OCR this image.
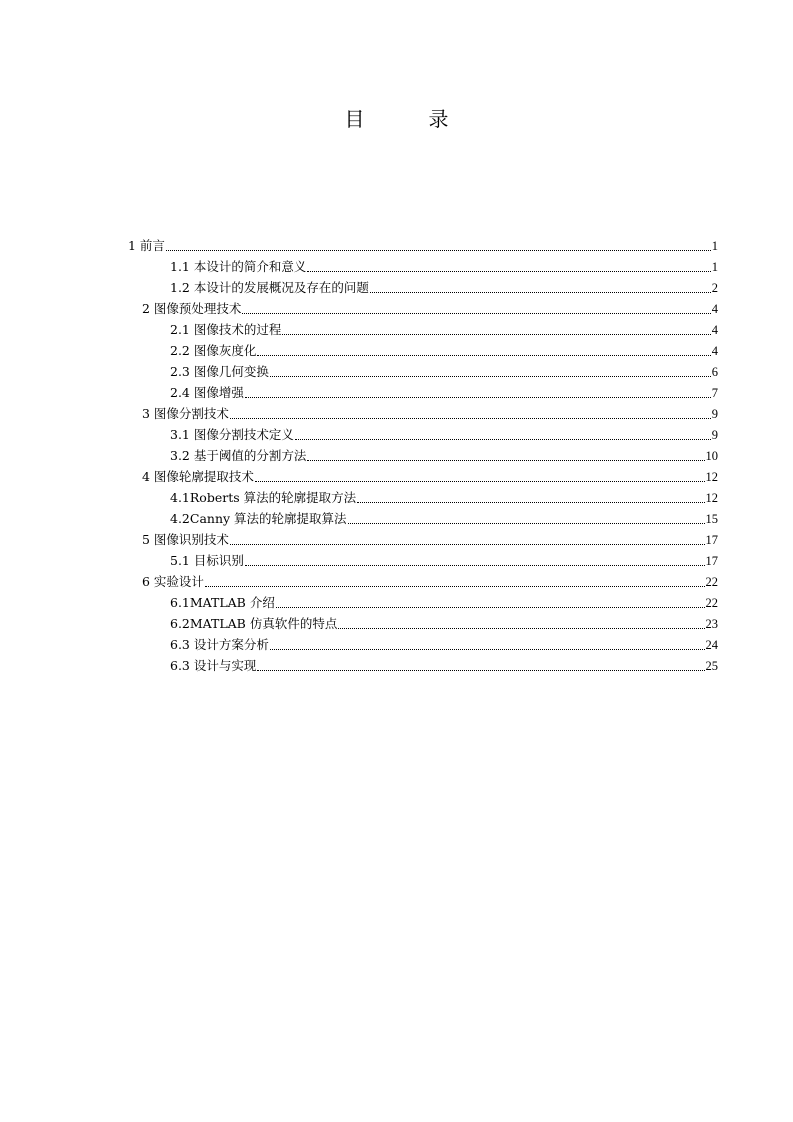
目　录
1 前言	1
1.1 本设计的简介和意义	1
1.2 本设计的发展概况及存在的问题	2
2 图像预处理技术	4
2.1 图像技术的过程	4
2.2 图像灰度化	4
2.3 图像几何变换	6
2.4 图像增强	7
3 图像分割技术	9
3.1 图像分割技术定义	9
3.2 基于阈值的分割方法	10
4 图像轮廓提取技术	12
4.1Roberts 算法的轮廓提取方法	12
4.2Canny 算法的轮廓提取算法	15
5 图像识别技术	17
5.1 目标识别	17
6 实验设计	22
6.1MATLAB 介绍	22
6.2MATLAB 仿真软件的特点	23
6.3 设计方案分析	24
6.3 设计与实现	25
